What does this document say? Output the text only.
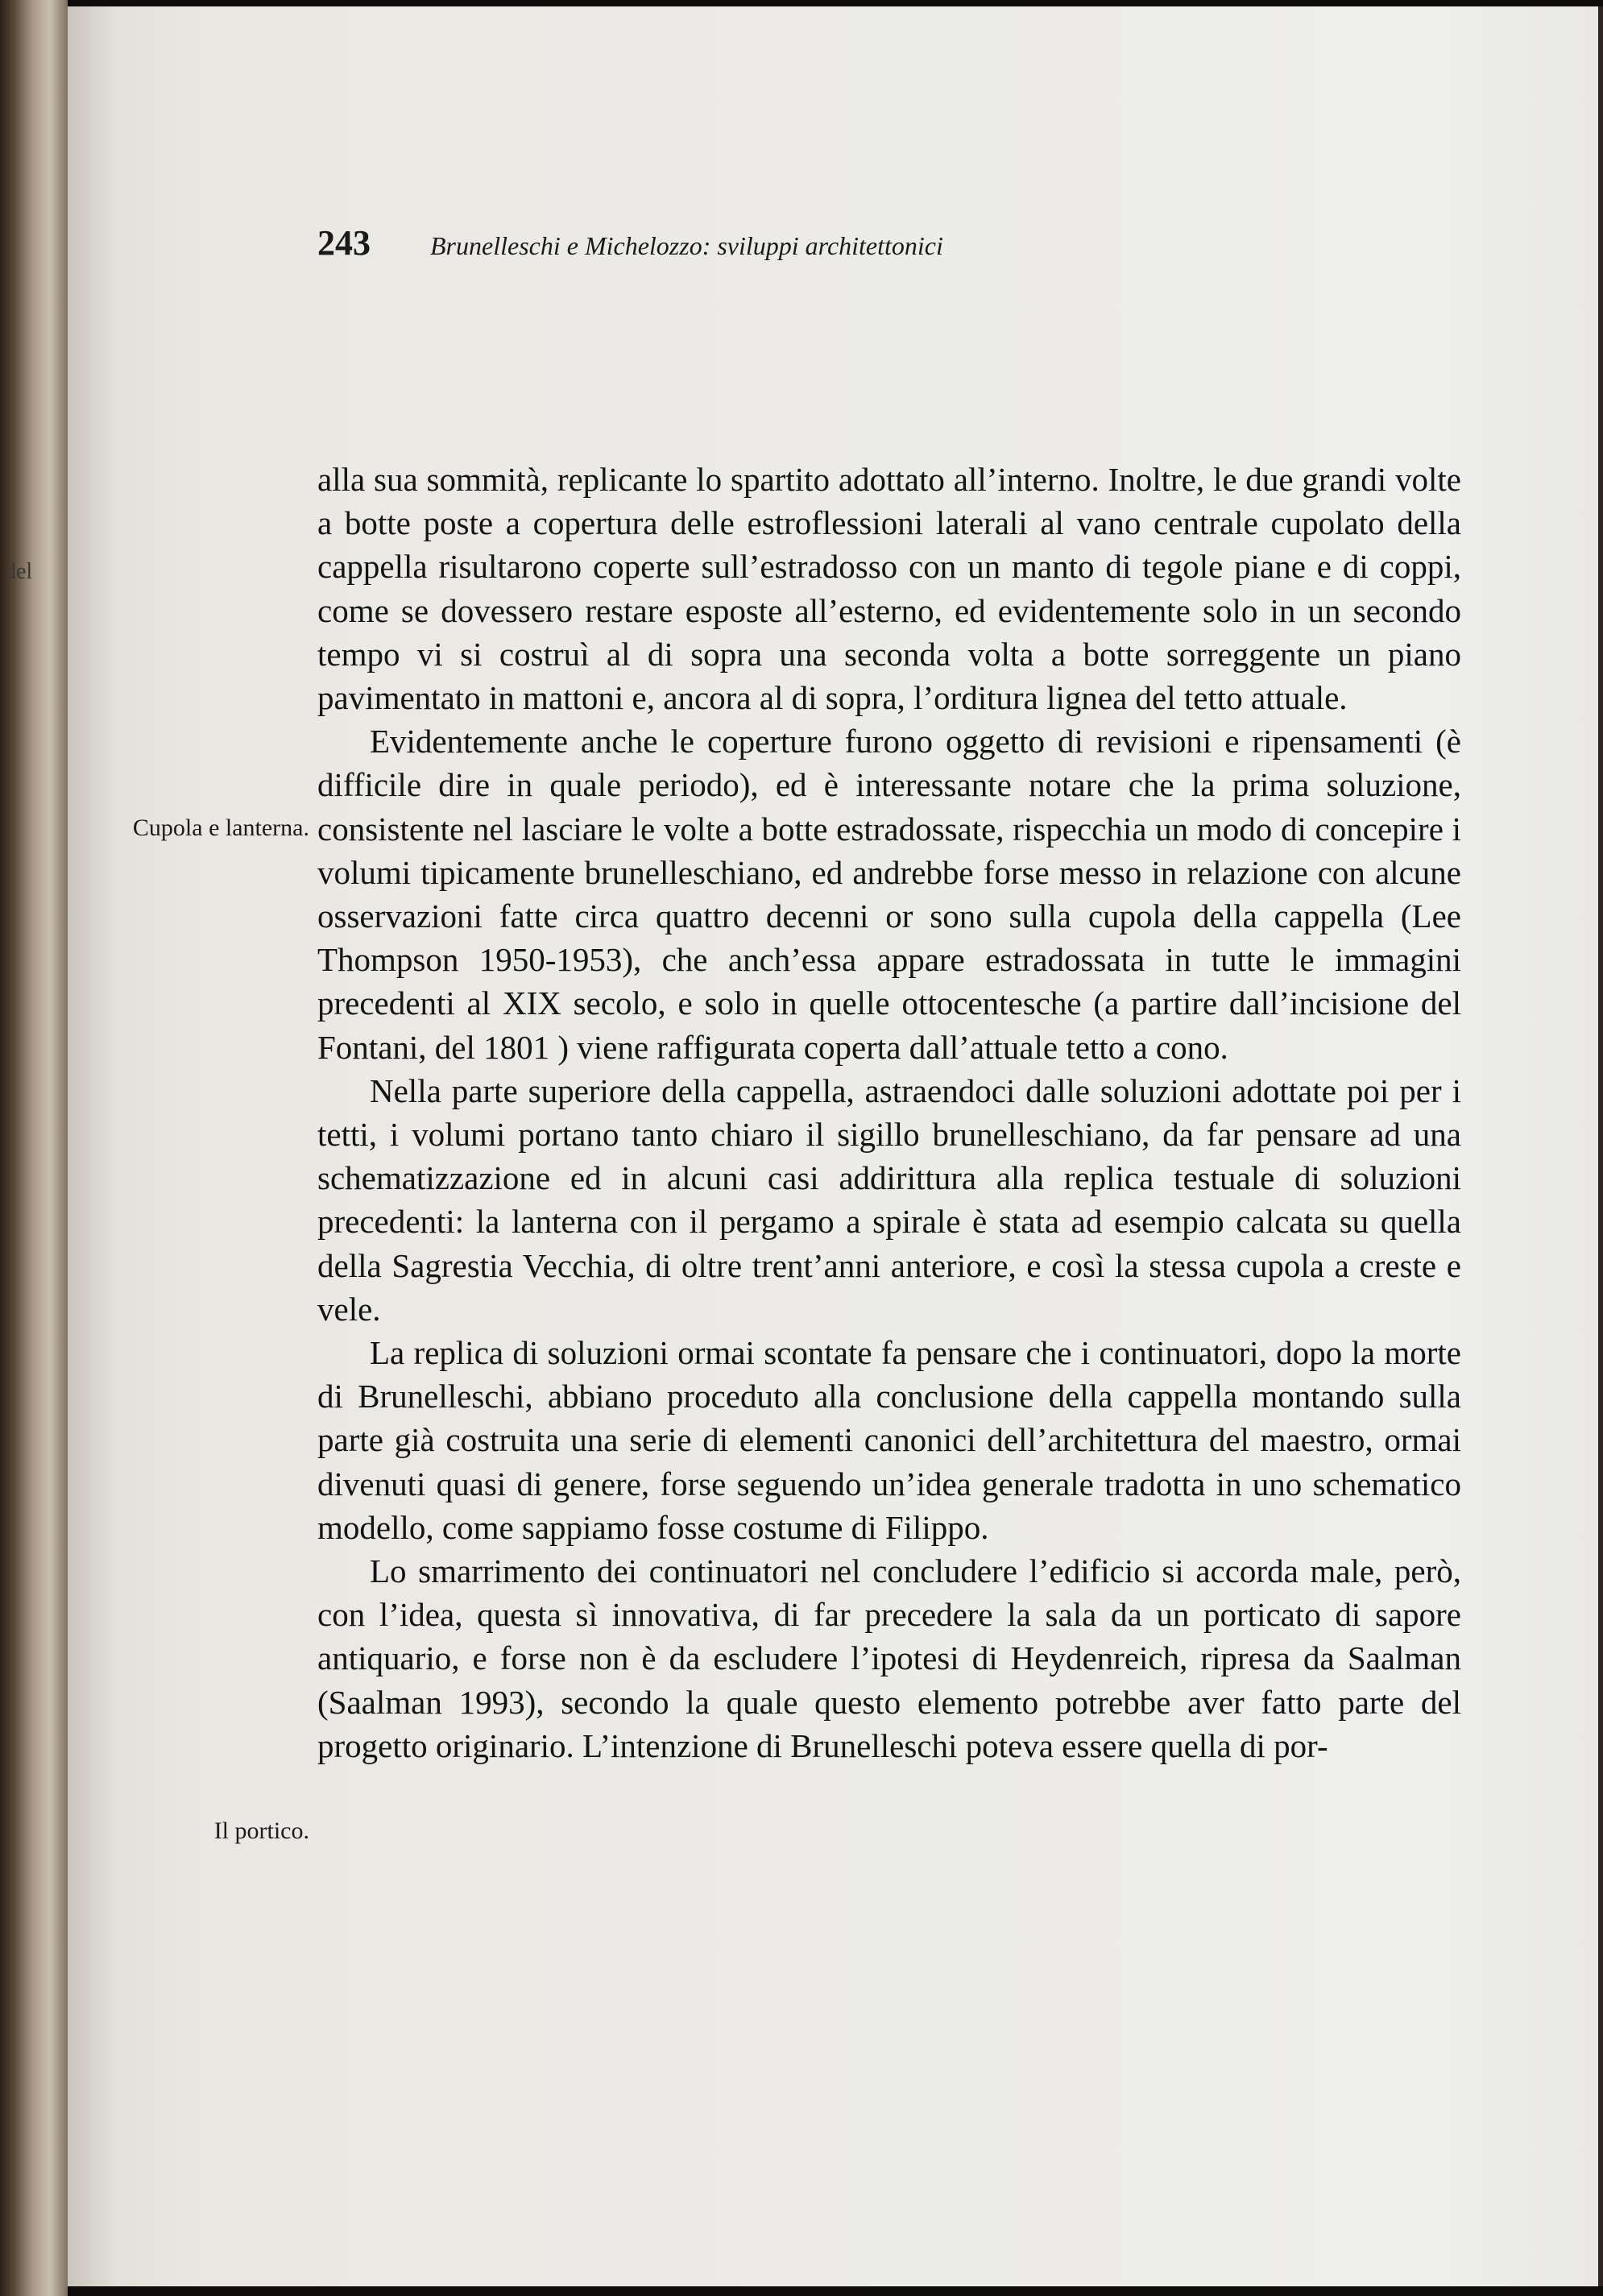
del
243 Brunelleschi e Michelozzo: sviluppi architettonici
Cupola e lanterna.
Il portico.

alla sua sommità, replicante lo spartito adottato all’interno. Inoltre, le due grandi volte a botte poste a copertura delle estroflessioni laterali al vano centrale cupolato della cappella risultarono coperte sull’estradosso con un manto di tegole piane e di coppi, come se dovessero restare esposte all’esterno, ed evidentemente solo in un secondo tempo vi si costruì al di sopra una seconda volta a botte sorreggente un piano pavimentato in mattoni e, ancora al di sopra, l’orditura lignea del tetto attuale.

Evidentemente anche le coperture furono oggetto di revisioni e ripensamenti (è difficile dire in quale periodo), ed è interessante notare che la prima soluzione, consistente nel lasciare le volte a botte estradossate, rispecchia un modo di concepire i volumi tipicamente brunelleschiano, ed andrebbe forse messo in relazione con alcune osservazioni fatte circa quattro decenni or sono sulla cupola della cappella (Lee Thompson 1950-1953), che anch’essa appare estradossata in tutte le immagini precedenti al XIX secolo, e solo in quelle ottocentesche (a partire dall’incisione del Fontani, del 1801 ) viene raffigurata coperta dall’attuale tetto a cono.

Nella parte superiore della cappella, astraendoci dalle soluzioni adottate poi per i tetti, i volumi portano tanto chiaro il sigillo brunelleschiano, da far pensare ad una schematizzazione ed in alcuni casi addirittura alla replica testuale di soluzioni precedenti: la lanterna con il pergamo a spirale è stata ad esempio calcata su quella della Sagrestia Vecchia, di oltre trent’anni anteriore, e così la stessa cupola a creste e vele.

La replica di soluzioni ormai scontate fa pensare che i continuatori, dopo la morte di Brunelleschi, abbiano proceduto alla conclusione della cappella montando sulla parte già costruita una serie di elementi canonici dell’architettura del maestro, ormai divenuti quasi di genere, forse seguendo un’idea generale tradotta in uno schematico modello, come sappiamo fosse costume di Filippo.

Lo smarrimento dei continuatori nel concludere l’edificio si accorda male, però, con l’idea, questa sì innovativa, di far precedere la sala da un porticato di sapore antiquario, e forse non è da escludere l’ipotesi di Heydenreich, ripresa da Saalman (Saalman 1993), secondo la quale questo elemento potrebbe aver fatto parte del progetto originario. L’intenzione di Brunelleschi poteva essere quella di por-
